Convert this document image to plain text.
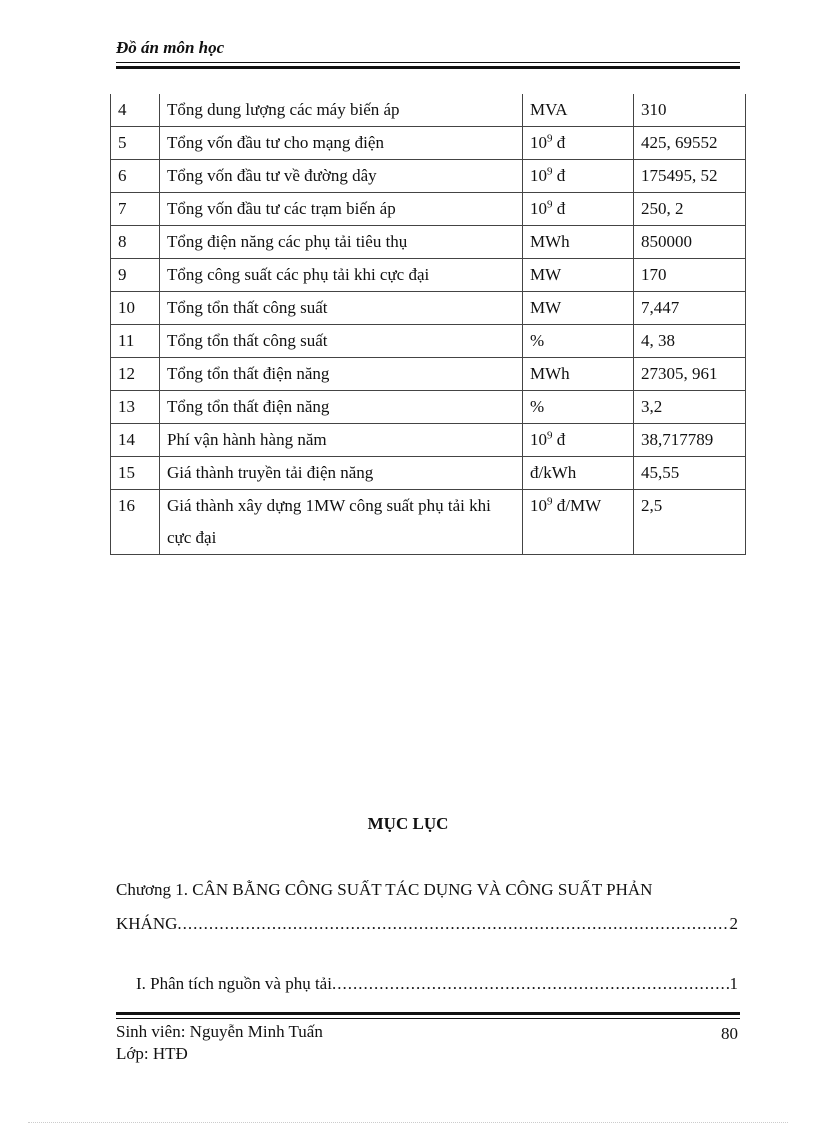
Đồ án môn học
4	Tổng dung lượng các máy biến áp	MVA	310
5	Tổng vốn đầu tư cho mạng điện	$10^9$ đ	425, 69552
6	Tổng vốn đầu tư về đường dây	$10^9$ đ	175495, 52
7	Tổng vốn đầu tư các trạm biến áp	$10^9$ đ	250, 2
8	Tổng điện năng các phụ tải tiêu thụ	MWh	850000
9	Tổng công suất các phụ tải khi cực đại	MW	170
10	Tổng tổn thất công suất	MW	7,447
11	Tổng tổn thất công suất	%	4, 38
12	Tổng tổn thất điện năng	MWh	27305, 961
13	Tổng tổn thất điện năng	%	3,2
14	Phí vận hành hàng năm	$10^9$ đ	38,717789
15	Giá thành truyền tải điện năng	đ/kWh	45,55
16	Giá thành xây dựng 1MW công suất phụ tải khi cực đại	$10^9$ đ/MW	2,5
MỤC LỤC
Chương 1. CÂN BẰNG CÔNG SUẤT TÁC DỤNG VÀ CÔNG SUẤT PHẢN
KHÁNG .....	2
I. Phân tích nguồn và phụ tải .....	1
Sinh viên: Nguyễn Minh Tuấn
Lớp: HTĐ
80
